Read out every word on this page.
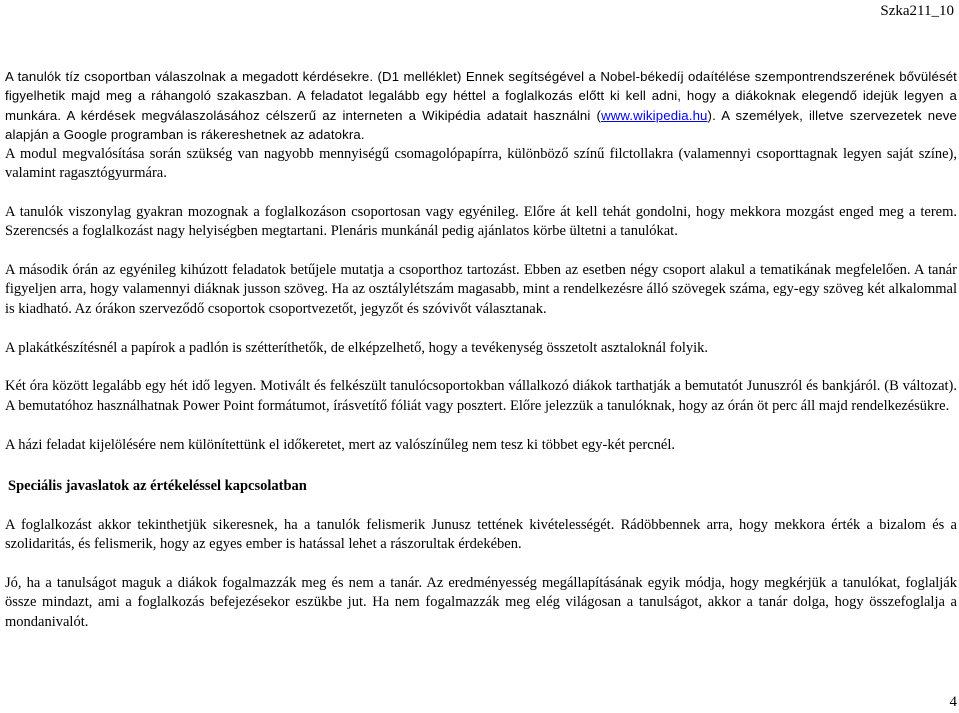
Szka211_10

A tanulók tíz csoportban válaszolnak a megadott kérdésekre. (D1 melléklet) Ennek segítségével a Nobel-békedíj odaítélése szempontrendszerének bővülését figyelhetik majd meg a ráhangoló szakaszban. A feladatot legalább egy héttel a foglalkozás előtt ki kell adni, hogy a diákoknak elegendő idejük legyen a munkára. A kérdések megválaszolásához célszerű az interneten a Wikipédia adatait használni (www.wikipedia.hu). A személyek, illetve szervezetek neve alapján a Google programban is rákereshetnek az adatokra.

A modul megvalósítása során szükség van nagyobb mennyiségű csomagolópapírra, különböző színű filctollakra (valamennyi csoporttagnak legyen saját színe), valamint ragasztógyurmára.

A tanulók viszonylag gyakran mozognak a foglalkozáson csoportosan vagy egyénileg. Előre át kell tehát gondolni, hogy mekkora mozgást enged meg a terem. Szerencsés a foglalkozást nagy helyiségben megtartani. Plenáris munkánál pedig ajánlatos körbe ültetni a tanulókat.

A második órán az egyénileg kihúzott feladatok betűjele mutatja a csoporthoz tartozást. Ebben az esetben négy csoport alakul a tematikának megfelelően. A tanár figyeljen arra, hogy valamennyi diáknak jusson szöveg. Ha az osztálylétszám magasabb, mint a rendelkezésre álló szövegek száma, egy-egy szöveg két alkalommal is kiadható. Az órákon szerveződő csoportok csoportvezetőt, jegyzőt és szóvivőt választanak.

A plakátkészítésnél a papírok a padlón is szétteríthetők, de elképzelhető, hogy a tevékenység összetolt asztaloknál folyik.

Két óra között legalább egy hét idő legyen. Motivált és felkészült tanulócsoportokban vállalkozó diákok tarthatják a bemutatót Junuszról és bankjáról. (B változat). A bemutatóhoz használhatnak Power Point formátumot, írásvetítő fóliát vagy posztert. Előre jelezzük a tanulóknak, hogy az órán öt perc áll majd rendelkezésükre.

A házi feladat kijelölésére nem különítettünk el időkeretet, mert az valószínűleg nem tesz ki többet egy-két percnél.

Speciális javaslatok az értékeléssel kapcsolatban

A foglalkozást akkor tekinthetjük sikeresnek, ha a tanulók felismerik Junusz tettének kivételességét. Rádöbbennek arra, hogy mekkora érték a bizalom és a szolidaritás, és felismerik, hogy az egyes ember is hatással lehet a rászorultak érdekében.

Jó, ha a tanulságot maguk a diákok fogalmazzák meg és nem a tanár. Az eredményesség megállapításának egyik módja, hogy megkérjük a tanulókat, foglalják össze mindazt, ami a foglalkozás befejezésekor eszükbe jut. Ha nem fogalmazzák meg elég világosan a tanulságot, akkor a tanár dolga, hogy összefoglalja a mondanivalót.

4
